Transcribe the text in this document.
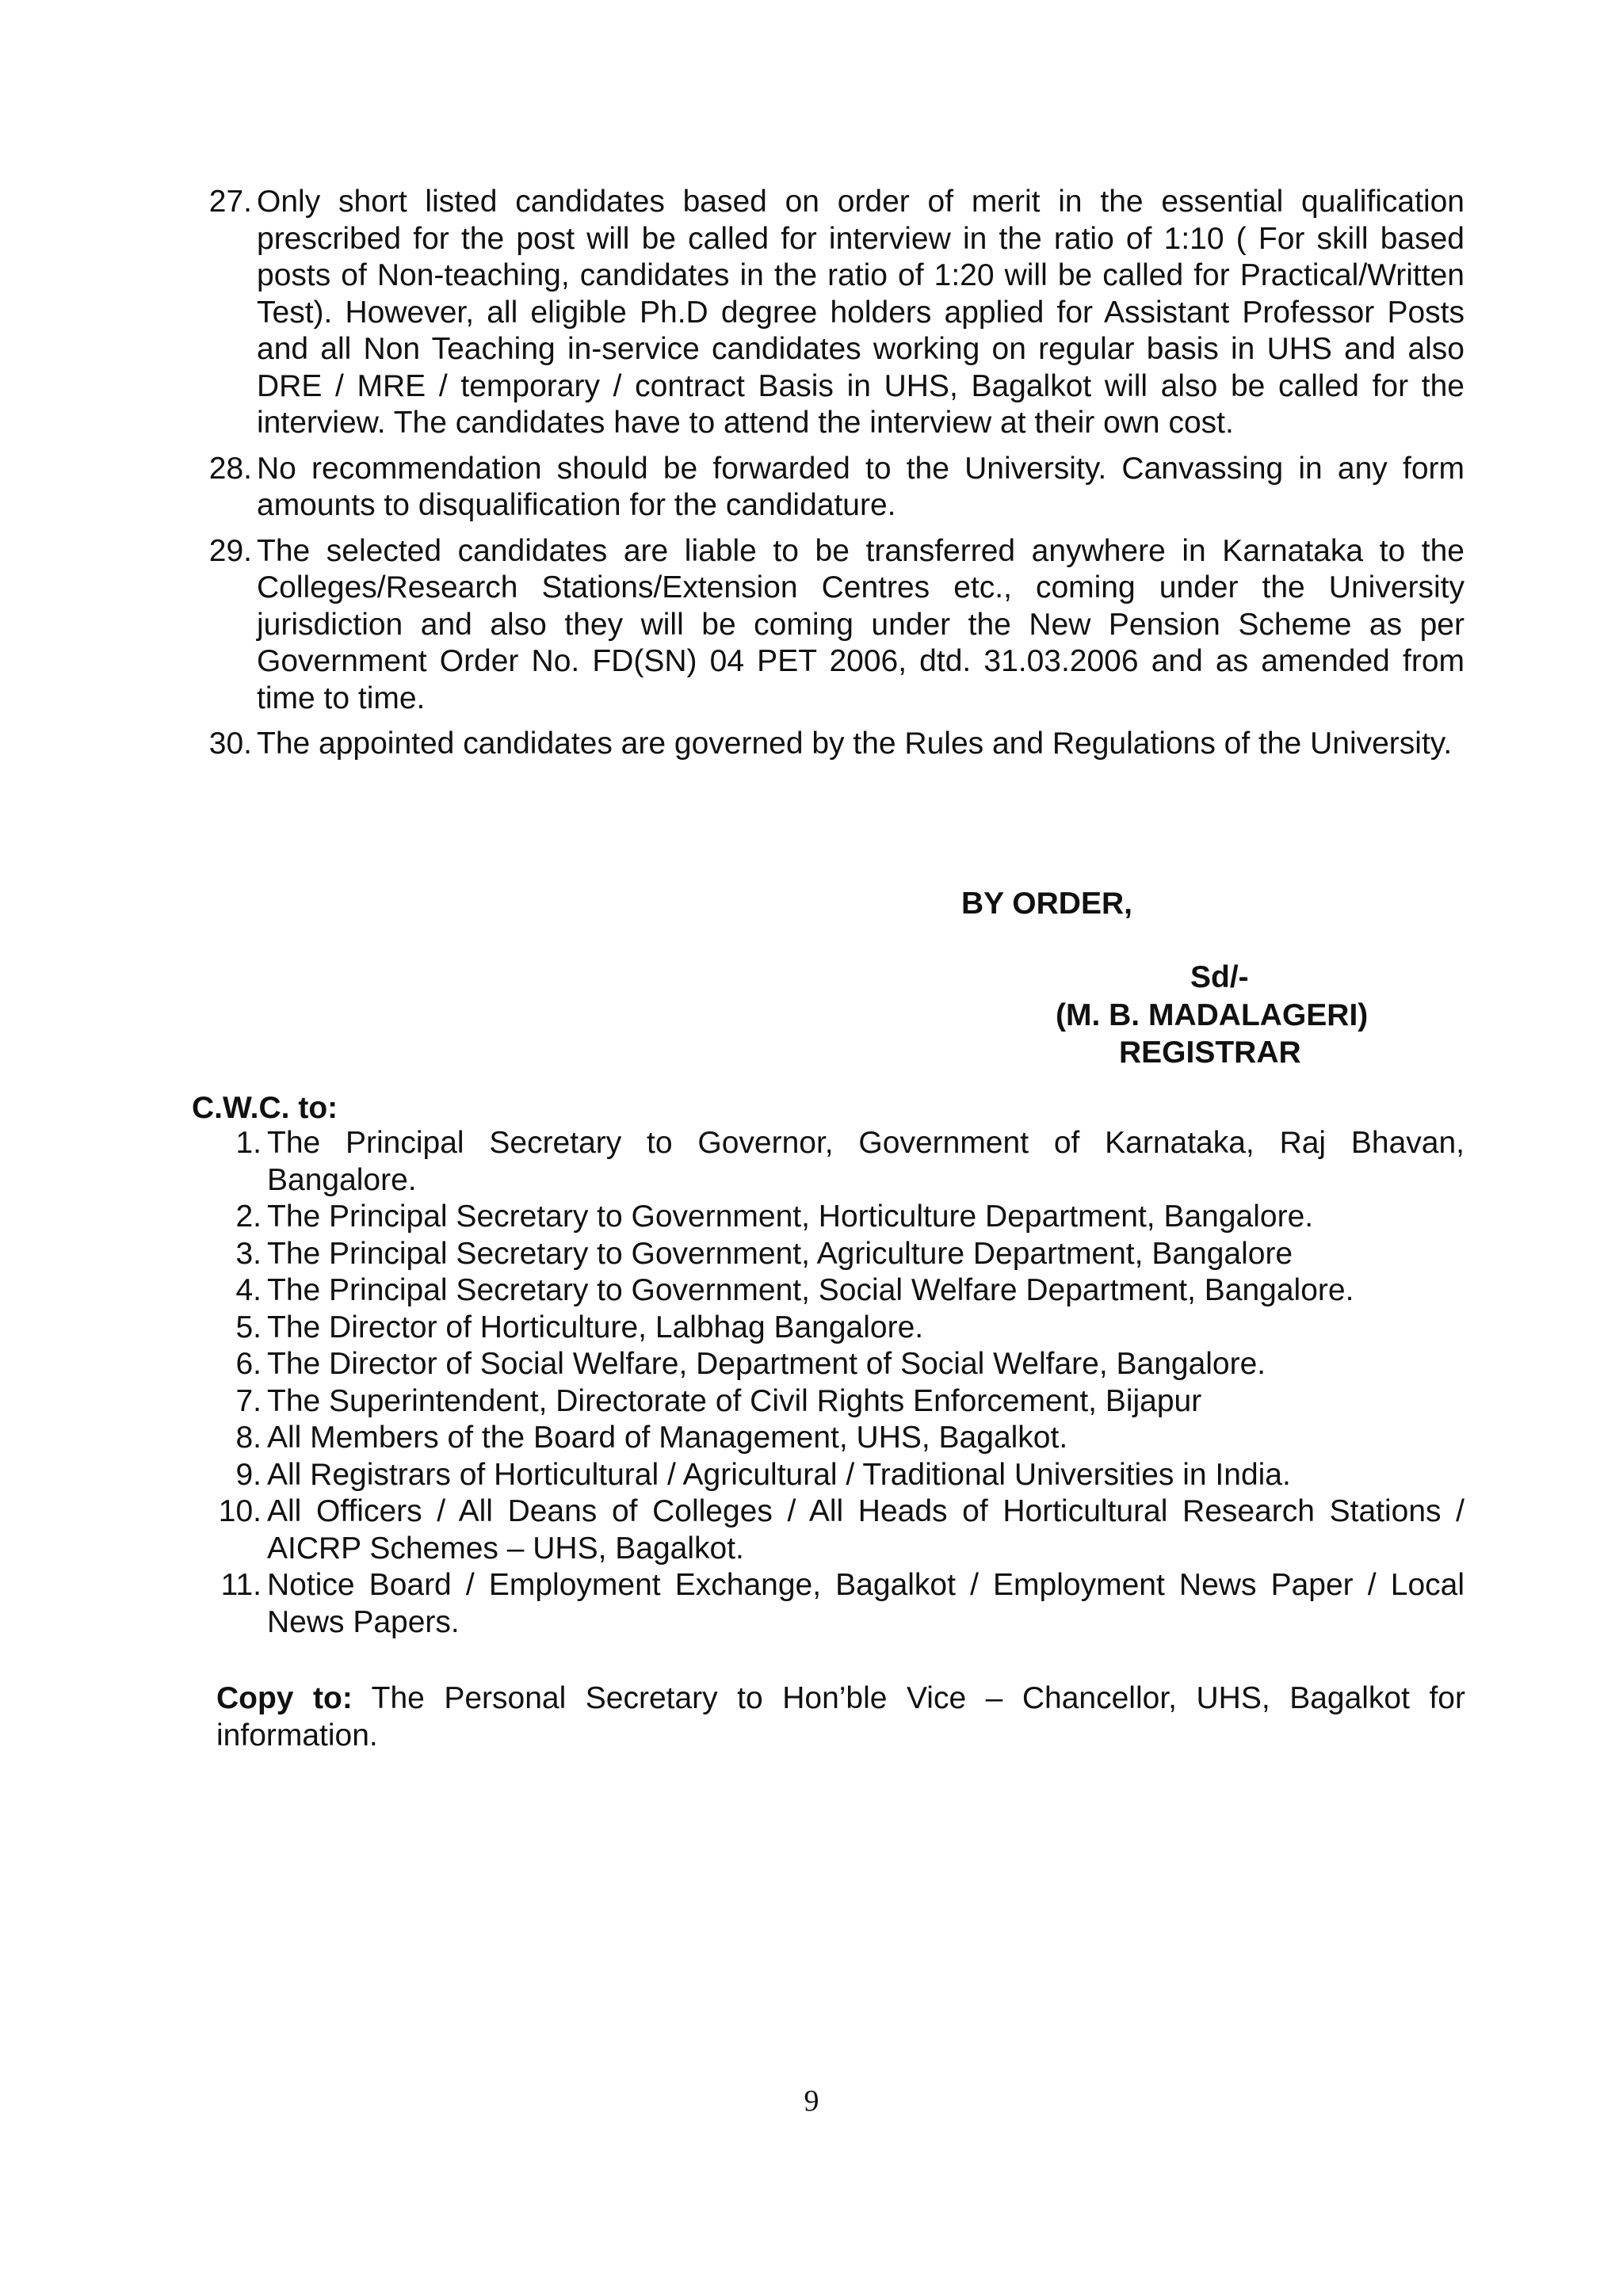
27. Only short listed candidates based on order of merit in the essential qualification prescribed for the post will be called for interview in the ratio of 1:10 ( For skill based posts of Non-teaching, candidates in the ratio of 1:20 will be called for Practical/Written Test). However, all eligible Ph.D degree holders applied for Assistant Professor Posts and all Non Teaching in-service candidates working on regular basis in UHS and also DRE / MRE / temporary / contract Basis in UHS, Bagalkot will also be called for the interview. The candidates have to attend the interview at their own cost.
28. No recommendation should be forwarded to the University. Canvassing in any form amounts to disqualification for the candidature.
29. The selected candidates are liable to be transferred anywhere in Karnataka to the Colleges/Research Stations/Extension Centres etc., coming under the University jurisdiction and also they will be coming under the New Pension Scheme as per Government Order No. FD(SN) 04 PET 2006, dtd. 31.03.2006 and as amended from time to time.
30. The appointed candidates are governed by the Rules and Regulations of the University.
BY ORDER,
Sd/-
(M. B. MADALAGERI)
REGISTRAR
C.W.C. to:
1. The Principal Secretary to Governor, Government of Karnataka, Raj Bhavan, Bangalore.
2. The Principal Secretary to Government, Horticulture Department, Bangalore.
3. The Principal Secretary to Government, Agriculture Department, Bangalore
4. The Principal Secretary to Government, Social Welfare Department, Bangalore.
5. The Director of Horticulture, Lalbhag Bangalore.
6. The Director of Social Welfare, Department of Social Welfare, Bangalore.
7. The Superintendent, Directorate of Civil Rights Enforcement, Bijapur
8. All Members of the Board of Management, UHS, Bagalkot.
9. All Registrars of Horticultural / Agricultural / Traditional Universities in India.
10. All Officers / All Deans of Colleges / All Heads of Horticultural Research Stations / AICRP Schemes – UHS, Bagalkot.
11. Notice Board / Employment Exchange, Bagalkot / Employment News Paper / Local News Papers.
Copy to: The Personal Secretary to Hon’ble Vice – Chancellor, UHS, Bagalkot for information.
9
